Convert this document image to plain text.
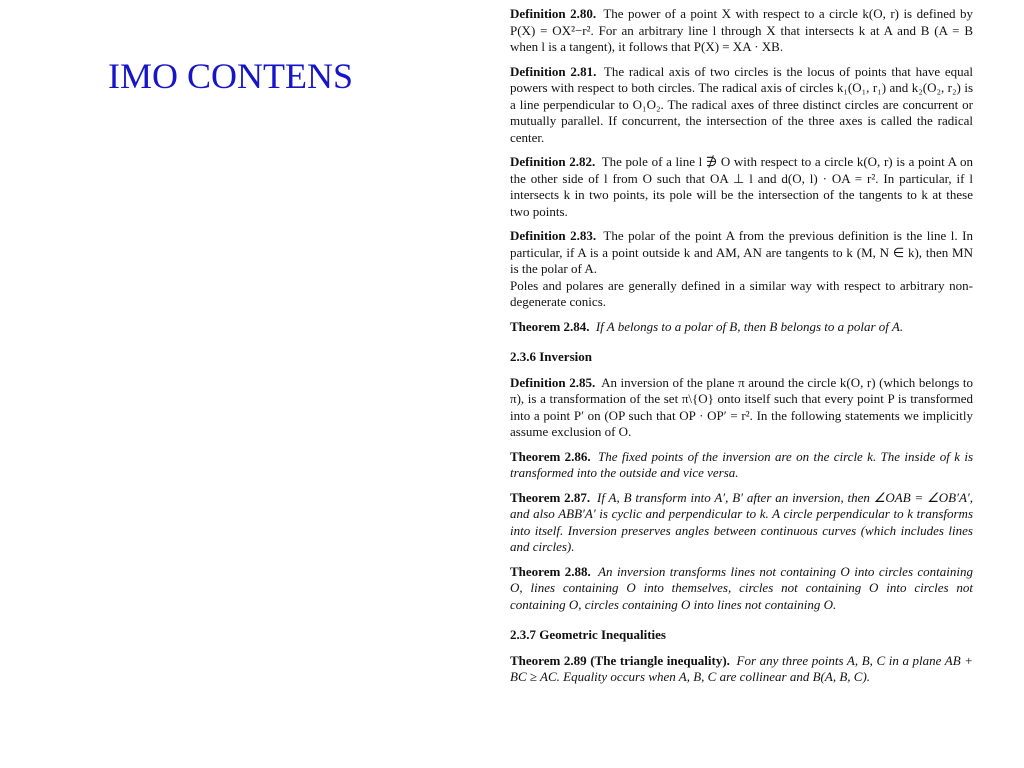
IMO CONTENS

Definition 2.80. The power of a point X with respect to a circle k(O, r) is defined by P(X) = OX²−r². For an arbitrary line l through X that intersects k at A and B (A = B when l is a tangent), it follows that P(X) = XA · XB.

Definition 2.81. The radical axis of two circles is the locus of points that have equal powers with respect to both circles. The radical axis of circles k₁(O₁, r₁) and k₂(O₂, r₂) is a line perpendicular to O₁O₂. The radical axes of three distinct circles are concurrent or mutually parallel. If concurrent, the intersection of the three axes is called the radical center.

Definition 2.82. The pole of a line l ∌ O with respect to a circle k(O, r) is a point A on the other side of l from O such that OA ⊥ l and d(O, l) · OA = r². In particular, if l intersects k in two points, its pole will be the intersection of the tangents to k at these two points.

Definition 2.83. The polar of the point A from the previous definition is the line l. In particular, if A is a point outside k and AM, AN are tangents to k (M, N ∈ k), then MN is the polar of A.
Poles and polares are generally defined in a similar way with respect to arbitrary non-degenerate conics.

Theorem 2.84. If A belongs to a polar of B, then B belongs to a polar of A.

2.3.6 Inversion

Definition 2.85. An inversion of the plane π around the circle k(O, r) (which belongs to π), is a transformation of the set π\{O} onto itself such that every point P is transformed into a point P′ on (OP such that OP · OP′ = r². In the following statements we implicitly assume exclusion of O.

Theorem 2.86. The fixed points of the inversion are on the circle k. The inside of k is transformed into the outside and vice versa.

Theorem 2.87. If A, B transform into A′, B′ after an inversion, then ∠OAB = ∠OB′A′, and also ABB′A′ is cyclic and perpendicular to k. A circle perpendicular to k transforms into itself. Inversion preserves angles between continuous curves (which includes lines and circles).

Theorem 2.88. An inversion transforms lines not containing O into circles containing O, lines containing O into themselves, circles not containing O into circles not containing O, circles containing O into lines not containing O.

2.3.7 Geometric Inequalities

Theorem 2.89 (The triangle inequality). For any three points A, B, C in a plane AB + BC ≥ AC. Equality occurs when A, B, C are collinear and B(A, B, C).
